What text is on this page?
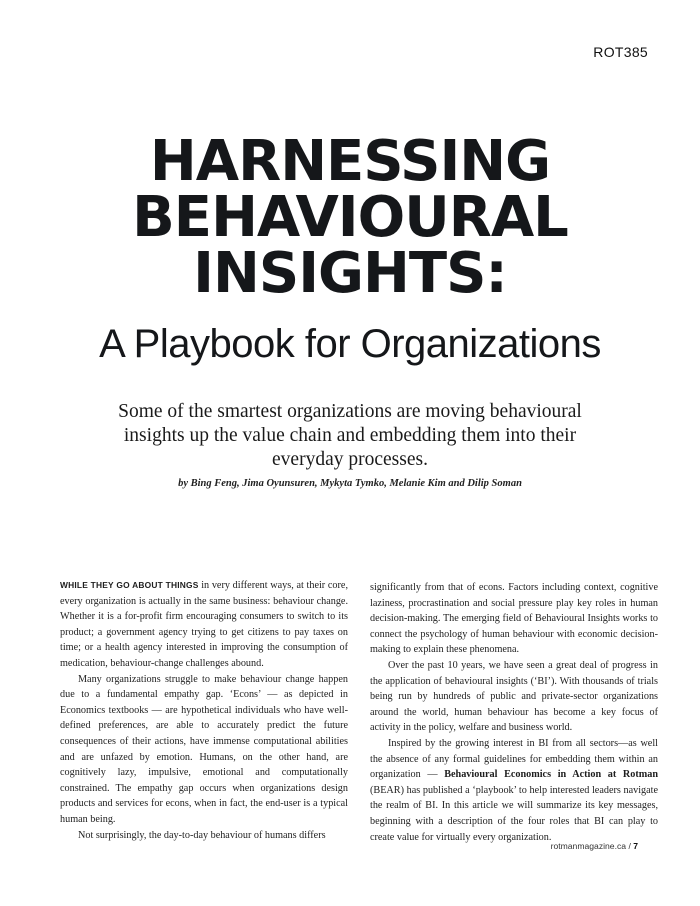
ROT385
HARNESSING
BEHAVIOURAL
INSIGHTS:
A Playbook for Organizations
Some of the smartest organizations are moving behavioural insights up the value chain and embedding them into their everyday processes.
by Bing Feng, Jima Oyunsuren, Mykyta Tymko, Melanie Kim and Dilip Soman

WHILE THEY GO ABOUT THINGS in very different ways, at their core, every organization is actually in the same business: behaviour change. Whether it is a for-profit firm encouraging consumers to switch to its product; a government agency trying to get citizens to pay taxes on time; or a health agency interested in improving the consumption of medication, behaviour-change challenges abound.

Many organizations struggle to make behaviour change happen due to a fundamental empathy gap. ‘Econs’ — as depicted in Economics textbooks — are hypothetical individuals who have well-defined preferences, are able to accurately predict the future consequences of their actions, have immense computational abilities and are unfazed by emotion. Humans, on the other hand, are cognitively lazy, impulsive, emotional and computationally constrained. The empathy gap occurs when organizations design products and services for econs, when in fact, the end-user is a typical human being.

Not surprisingly, the day-to-day behaviour of humans differs

significantly from that of econs. Factors including context, cognitive laziness, procrastination and social pressure play key roles in human decision-making. The emerging field of Behavioural Insights works to connect the psychology of human behaviour with economic decision-making to explain these phenomena.

Over the past 10 years, we have seen a great deal of progress in the application of behavioural insights (‘BI’). With thousands of trials being run by hundreds of public and private-sector organizations around the world, human behaviour has become a key focus of activity in the policy, welfare and business world.

Inspired by the growing interest in BI from all sectors—as well the absence of any formal guidelines for embedding them within an organization — Behavioural Economics in Action at Rotman (BEAR) has published a ‘playbook’ to help interested leaders navigate the realm of BI. In this article we will summarize its key messages, beginning with a description of the four roles that BI can play to create value for virtually every organization.

rotmanmagazine.ca / 7
